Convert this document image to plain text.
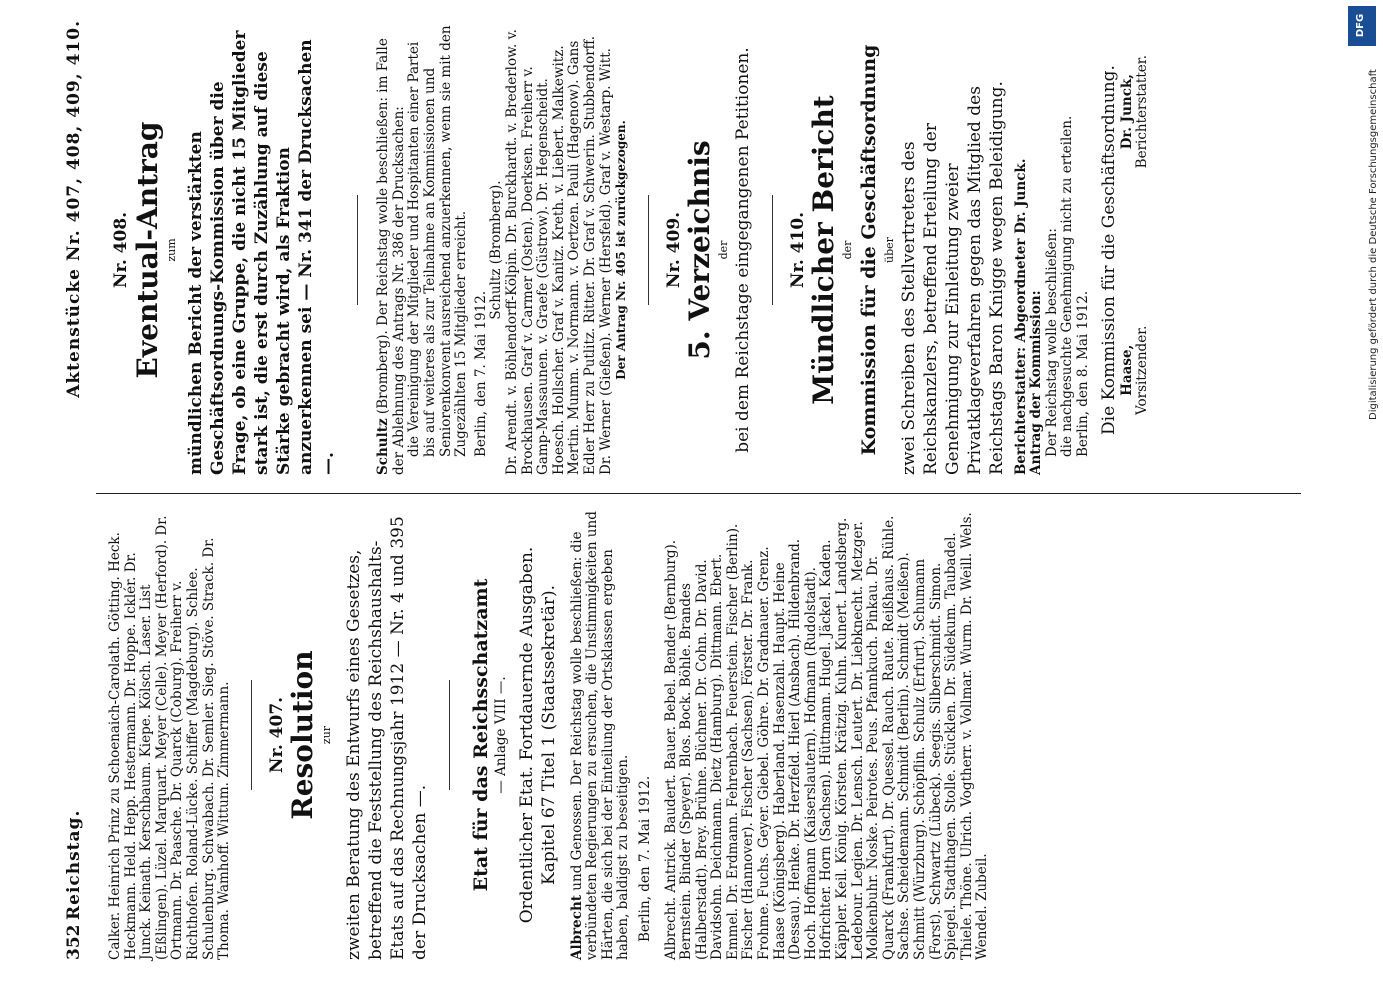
352
Reichstag.
Aktenstücke Nr. 407, 408, 409, 410.

Calker. Heinrich Prinz zu Schoenaich-Carolath. Götting. Heck. Heckmann. Held. Hepp. Hestermann. Dr. Hoppe. Icklér. Dr. Junck. Keinath. Kerschbaum. Kiepe. Kölsch. Laser. List (Eßlingen). Lüzel. Marquart. Meyer (Celle). Meyer (Herford). Dr. Ortmann. Dr. Paasche. Dr. Quarck (Coburg). Freiherr v. Richthofen. Roland-Lücke. Schiffer (Magdeburg). Schlee. Schulenburg. Schwabach. Dr. Semler. Sieg. Stöve. Strack. Dr. Thoma. Wamhoff. Wittum. Zimmermann. Nr. 407. Resolution zur zweiten Beratung des Entwurfs eines Gesetzes, betreffend die Feststellung des Reichshaushalts-Etats auf das Rechnungsjahr 1912 — Nr. 4 und 395 der Drucksachen —. Etat für das Reichsschatzamt — Anlage VIII —. Ordentlicher Etat. Fortdauernde Ausgaben. Kapitel 67 Titel 1 (Staatssekretär).

Albrecht und Genossen. Der Reichstag wolle beschließen: die verbündeten Regierungen zu ersuchen, die Unstimmigkeiten und Härten, die sich bei der Einteilung der Ortsklassen ergeben haben, baldigst zu beseitigen. Berlin, den 7. Mai 1912. Albrecht. Antrick. Baudert. Bauer. Bebel. Bender (Bernburg). Bernstein. Binder (Speyer). Blos. Bock. Böhle. Brandes (Halberstadt). Brey. Brühne. Büchner. Dr. Cohn. Dr. David. Davidsohn. Deichmann. Dietz (Hamburg). Dittmann. Ebert. Emmel. Dr. Erdmann. Fehrenbach. Feuerstein. Fischer (Berlin). Fischer (Hannover). Fischer (Sachsen). Förster. Dr. Frank. Frohme. Fuchs. Geyer. Giebel. Göhre. Dr. Gradnauer. Grenz. Haase (Königsberg). Haberland. Hasenzahl. Haupt. Heine (Dessau). Henke. Dr. Herzfeld. Hierl (Ansbach). Hildenbrand. Hoch. Hoffmann (Kaiserslautern). Hofmann (Rudolstadt). Hofrichter. Horn (Sachsen). Hüttmann. Hugel. Jäckel. Kaden. Käppler. Keil. König. Körsten. Krätzig. Kuhn. Kunert. Landsberg. Ledebour. Legien. Dr. Lensch. Leutert. Dr. Liebknecht. Metzger. Molkenbuhr. Noske. Peirotes. Peus. Pfannkuch. Pinkau. Dr. Quarck (Frankfurt). Dr. Quessel. Rauch. Raute. Reißhaus. Rühle. Sachse. Scheidemann. Schmidt (Berlin). Schmidt (Meißen). Schmitt (Würzburg). Schöpflin. Schulz (Erfurt). Schumann (Forst). Schwartz (Lübeck). Seegis. Silberschmidt. Simon. Spiegel. Stadthagen. Stolle. Stücklen. Dr. Südekum. Taubadel. Thiele. Thöne. Ulrich. Vogtherr. v. Vollmar. Wurm. Dr. Weill. Wels. Wendel. Zubeil.

Nr. 408. Eventual-Antrag zum mündlichen Bericht der verstärkten Geschäftsordnungs-Kommission über die Frage, ob eine Gruppe, die nicht 15 Mitglieder stark ist, die erst durch Zuzählung auf diese Stärke gebracht wird, als Fraktion anzuerkennen sei — Nr. 341 der Drucksachen —.	Schultz (Bromberg). Der Reichstag wolle beschließen: im Falle der Ablehnung des Antrags Nr. 386 der Drucksachen: die Vereinigung der Mitglieder und Hospitanten einer Partei bis auf weiteres als zur Teilnahme an Kommissionen und Seniorenkonvent ausreichend anzuerkennen, wenn sie mit den Zugezählten 15 Mitglieder erreicht. Berlin, den 7. Mai 1912.

Schultz (Bromberg). Dr. Arendt. v. Böhlendorff-Kölpin. Dr. Burckhardt. v. Brederlow. v. Brockhausen. Graf v. Carmer (Osten). Doerksen. Freiherr v. Gamp-Massaunen. v. Graefe (Güstrow). Dr. Hegenscheidt. Hoesch. Hollscher. Graf v. Kanitz. Kreth. v. Liebert. Malkewitz. Mertin. Mumm. v. Normann. v. Oertzen. Pauli (Hagenow). Gans Edler Herr zu Putlitz. Ritter. Dr. Graf v. Schwerin. Stubbendorff. Dr. Werner (Gießen). Werner (Hersfeld). Graf v. Westarp. Witt. Der Antrag Nr. 405 ist zurückgezogen. Nr. 409. 5. Verzeichnis der bei dem Reichstage eingegangenen Petitionen. Nr. 410. Mündlicher Bericht der Kommission für die Geschäftsordnung über zwei Schreiben des Stellvertreters des Reichskanzlers, betreffend Erteilung der Genehmigung zur Einleitung zweier Privatklageverfahren gegen das Mitglied des Reichstags Baron Knigge wegen Beleidigung. Berichterstatter: Abgeordneter Dr. Junck. Antrag der Kommission: Der Reichstag wolle beschließen: die nachgesuchte Genehmigung nicht zu erteilen. Berlin, den 8. Mai 1912. Die Kommission für die Geschäftsordnung. Haase, Vorsitzender.
Dr. Junck, Berichterstatter.
DFG
Digitalisierung gefördert durch die Deutsche Forschungsgemeinschaft
